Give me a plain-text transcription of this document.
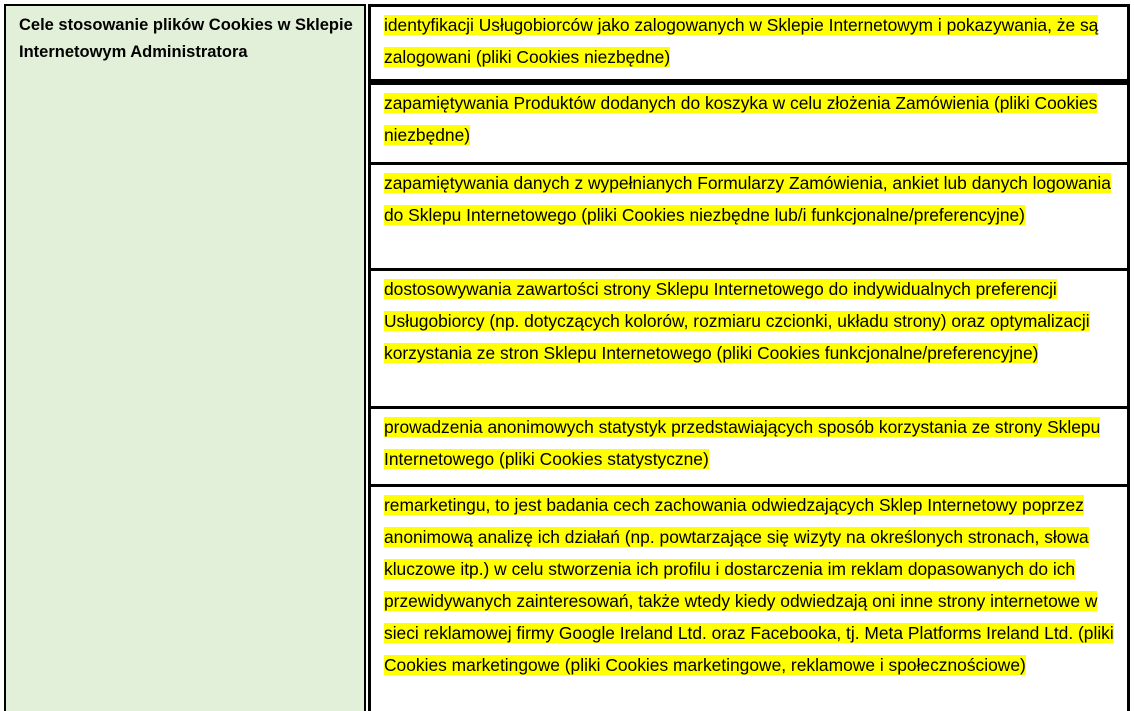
Cele stosowanie plików Cookies w Sklepie Internetowym Administratora
identyfikacji Usługobiorców jako zalogowanych w Sklepie Internetowym i pokazywania, że są zalogowani (pliki Cookies niezbędne)
zapamiętywania Produktów dodanych do koszyka w celu złożenia Zamówienia (pliki Cookies niezbędne)
zapamiętywania danych z wypełnianych Formularzy Zamówienia, ankiet lub danych logowania do Sklepu Internetowego (pliki Cookies niezbędne lub/i funkcjonalne/preferencyjne)
dostosowywania zawartości strony Sklepu Internetowego do indywidualnych preferencji Usługobiorcy (np. dotyczących kolorów, rozmiaru czcionki, układu strony) oraz optymalizacji korzystania ze stron Sklepu Internetowego (pliki Cookies funkcjonalne/preferencyjne)
prowadzenia anonimowych statystyk przedstawiających sposób korzystania ze strony Sklepu Internetowego (pliki Cookies statystyczne)
remarketingu, to jest badania cech zachowania odwiedzających Sklep Internetowy poprzez anonimową analizę ich działań (np. powtarzające się wizyty na określonych stronach, słowa kluczowe itp.) w celu stworzenia ich profilu i dostarczenia im reklam dopasowanych do ich przewidywanych zainteresowań, także wtedy kiedy odwiedzają oni inne strony internetowe w sieci reklamowej firmy Google Ireland Ltd. oraz Facebooka, tj. Meta Platforms Ireland Ltd. (pliki Cookies marketingowe (pliki Cookies marketingowe, reklamowe i społecznościowe)
